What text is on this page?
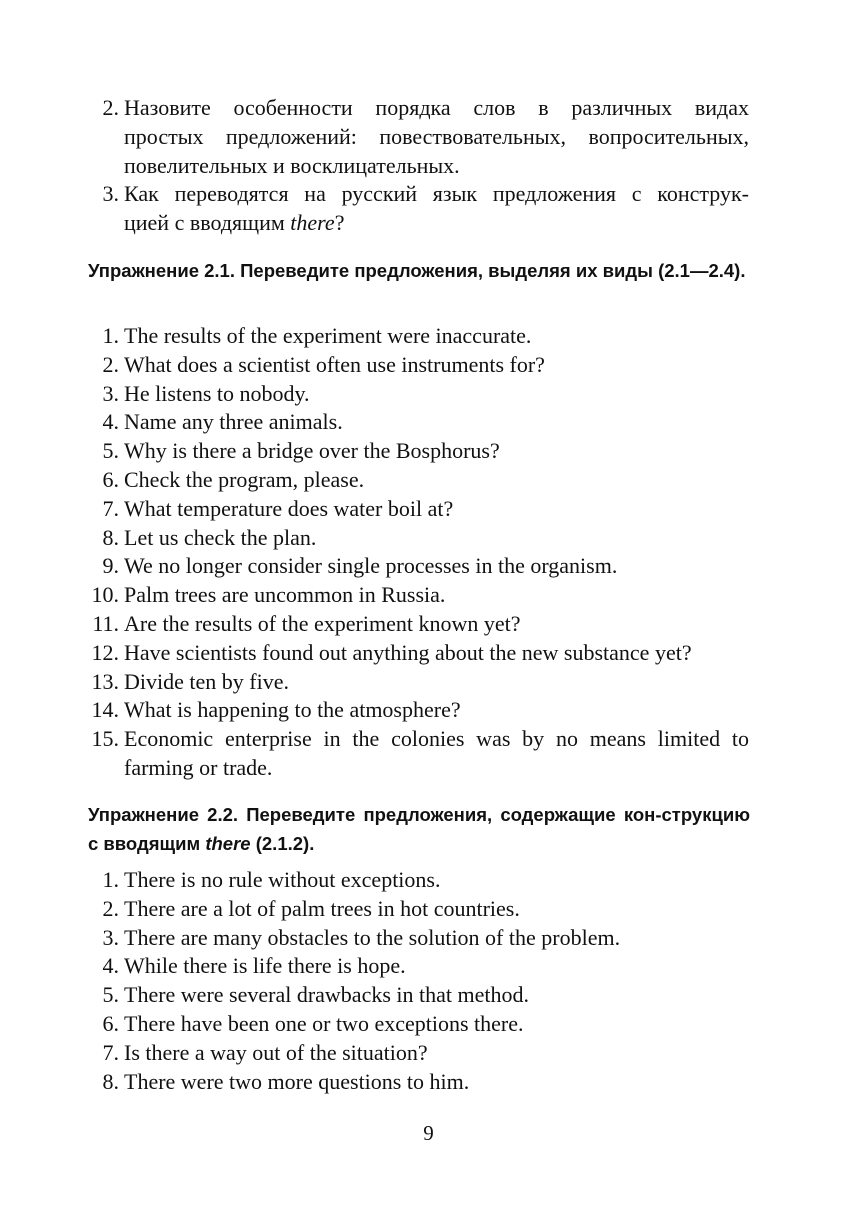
2. Назовите особенности порядка слов в различных видах
простых предложений: повествовательных, вопросительных,
повелительных и восклицательных.
3. Как переводятся на русский язык предложения с конструк-
цией с вводящим there?
Упражнение 2.1. Переведите предложения, выделяя их виды (2.1—2.4).
1. The results of the experiment were inaccurate.
2. What does a scientist often use instruments for?
3. He listens to nobody.
4. Name any three animals.
5. Why is there a bridge over the Bosphorus?
6. Check the program, please.
7. What temperature does water boil at?
8. Let us check the plan.
9. We no longer consider single processes in the organism.
10. Palm trees are uncommon in Russia.
11. Are the results of the experiment known yet?
12. Have scientists found out anything about the new substance yet?
13. Divide ten by five.
14. What is happening to the atmosphere?
15. Economic enterprise in the colonies was by no means limited to
farming or trade.
Упражнение 2.2. Переведите предложения, содержащие кон-струкцию с вводящим there (2.1.2).
1. There is no rule without exceptions.
2. There are a lot of palm trees in hot countries.
3. There are many obstacles to the solution of the problem.
4. While there is life there is hope.
5. There were several drawbacks in that method.
6. There have been one or two exceptions there.
7. Is there a way out of the situation?
8. There were two more questions to him.
9
